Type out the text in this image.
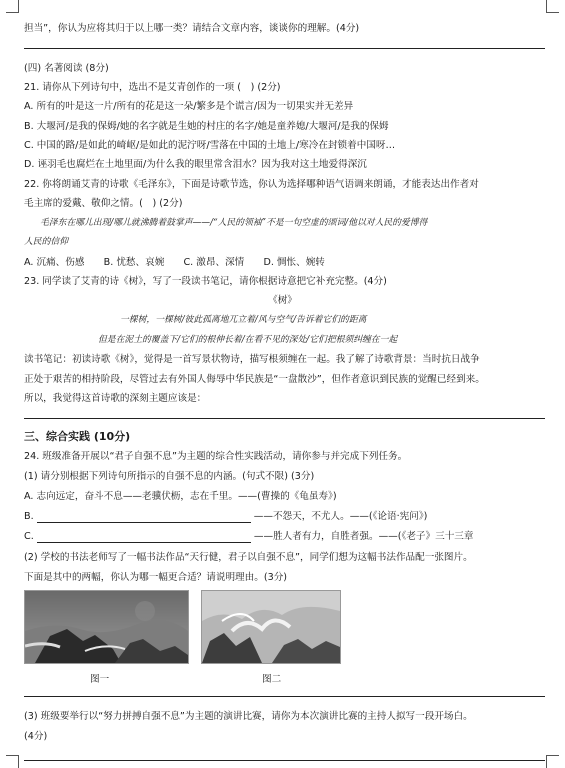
担当”，你认为应将其归于以上哪一类？请结合文章内容，谈谈你的理解。(4分)
(四) 名著阅读 (8分)
21. 请你从下列诗句中，选出不是艾青创作的一项 (　) (2分)
A. 所有的叶是这一片/所有的花是这一朵/繁多是个谎言/因为一切果实并无差异
B. 大堰河/是我的保姆/她的名字就是生她的村庄的名字/她是童养媳/大堰河/是我的保姆
C. 中国的路/是如此的崎岖/是如此的泥泞呀/雪落在中国的土地上/寒冷在封锁着中国呀…
D. 诬羽毛也腐烂在土地里面/为什么我的眼里常含泪水？因为我对这土地爱得深沉
22. 你将朗诵艾青的诗歌《毛泽东》，下面是诗歌节选，你认为选择哪种语气语调来朗诵，才能表达出作者对
毛主席的爱戴、敬仰之情。(　) (2分)
毛泽东在哪儿出现/哪儿就沸腾着鼓掌声——/“人民的领袖”不是一句空虚的颂词/他以对人民的爱博得
人民的信仰
A. 沉痛、伤感　　B. 忧愁、哀婉　　C. 激昂、深情　　D. 惆怅、婉转
23. 同学读了艾青的诗《树》，写了一段读书笔记，请你根据诗意把它补充完整。(4分)
《树》
一棵树，一棵树/彼此孤离地兀立着/风与空气/告诉着它们的距离
但是在泥土的覆盖下/它们的根伸长着/在看不见的深处/它们把根须纠缠在一起
读书笔记：初读诗歌《树》，觉得是一首写景状物诗，描写根须缠在一起。我了解了诗歌背景：当时抗日战争
正处于艰苦的相持阶段，尽管过去有外国人侮辱中华民族是“一盘散沙”，但作者意识到民族的觉醒已经到来。
所以，我觉得这首诗歌的深刻主题应该是：
三、综合实践 (10分)
24. 班级准备开展以“君子自强不息”为主题的综合性实践活动，请你参与并完成下列任务。
(1) 请分别根据下列诗句所指示的自强不息的内涵。(句式不限) (3分)
A. 志向远定，奋斗不息——老骥伏枥，志在千里。——(曹操的《龟虽寿》)
B.	——不怨天，不尤人。——(《论语·宪问》)
C.	——胜人者有力，自胜者强。——(《老子》三十三章
(2) 学校的书法老师写了一幅书法作品“天行健，君子以自强不息”，同学们想为这幅书法作品配一张图片。
下面是其中的两幅，你认为哪一幅更合适？请说明理由。(3分)
图一	图二
(3) 班级要举行以“努力拼搏自强不息”为主题的演讲比赛，请你为本次演讲比赛的主持人拟写一段开场白。
(4分)
